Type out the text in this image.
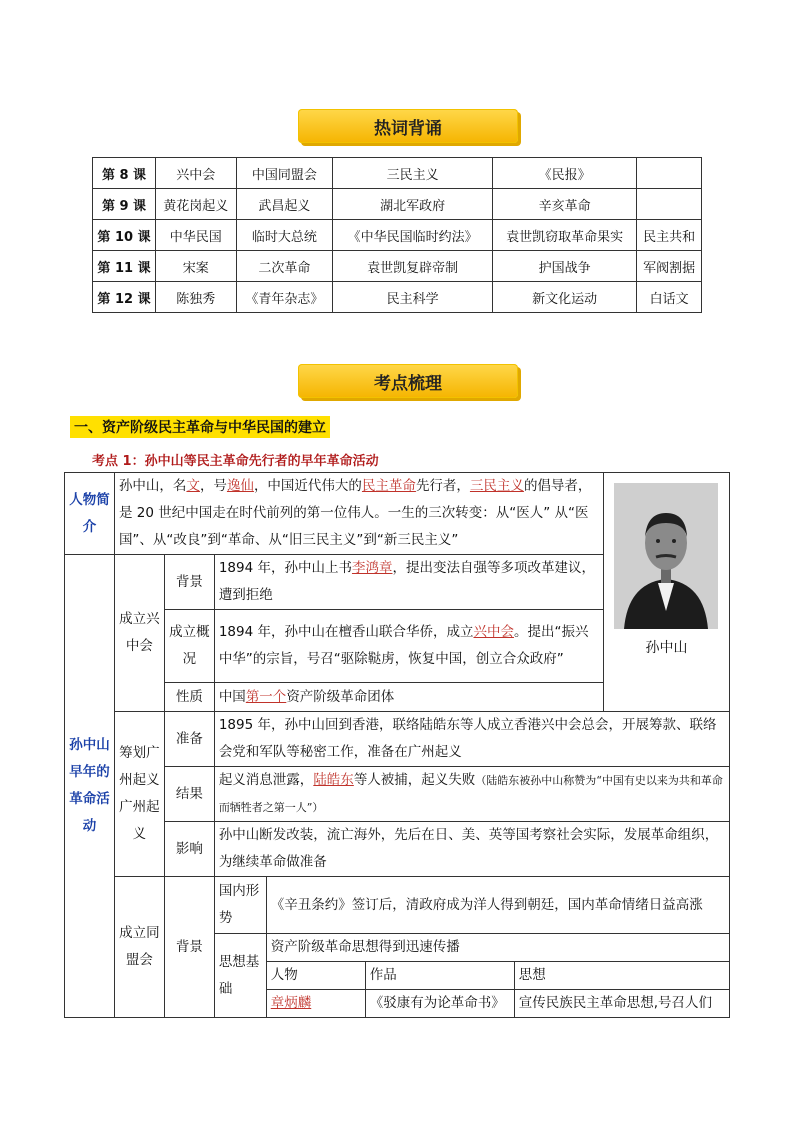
热词背诵
第 8 课	兴中会	中国同盟会	三民主义	《民报》	
第 9 课	黄花岗起义	武昌起义	湖北军政府	辛亥革命	
第 10 课	中华民国	临时大总统	《中华民国临时约法》	袁世凯窃取革命果实	民主共和
第 11 课	宋案	二次革命	袁世凯复辟帝制	护国战争	军阀割据
第 12 课	陈独秀	《青年杂志》	民主科学	新文化运动	白话文
考点梳理
一、资产阶级民主革命与中华民国的建立
考点 1：孙中山等民主革命先行者的早年革命活动
人物简介	孙中山，名文，号逸仙，中国近代伟大的民主革命先行者，三民主义的倡导者，是 20 世纪中国走在时代前列的第一位伟人。一生的三次转变：从“医人” 从“医国”、从“改良”到“革命、从“旧三民主义”到“新三民主义”	
孙中山

孙中山早年的革命活动	成立兴中会	背景	1894 年，孙中山上书李鸿章，提出变法自强等多项改革建议，遭到拒绝
成立概况	1894 年，孙中山在檀香山联合华侨，成立兴中会。提出“振兴中华”的宗旨，号召“驱除鞑虏，恢复中国，创立合众政府”
性质	中国第一个资产阶级革命团体
筹划广州起义广州起义	准备	1895 年，孙中山回到香港，联络陆皓东等人成立香港兴中会总会，开展筹款、联络会党和军队等秘密工作，准备在广州起义
结果	起义消息泄露，陆皓东等人被捕，起义失败（陆皓东被孙中山称赞为“中国有史以来为共和革命而牺牲者之第一人”）
影响	孙中山断发改装，流亡海外，先后在日、美、英等国考察社会实际，发展革命组织，为继续革命做准备
成立同盟会	背景	国内形势	《辛丑条约》签订后，清政府成为洋人得到朝廷，国内革命情绪日益高涨
思想基础	资产阶级革命思想得到迅速传播

人物	作品	思想
章炳麟	《驳康有为论革命书》	宣传民族民主革命思想,号召人们
